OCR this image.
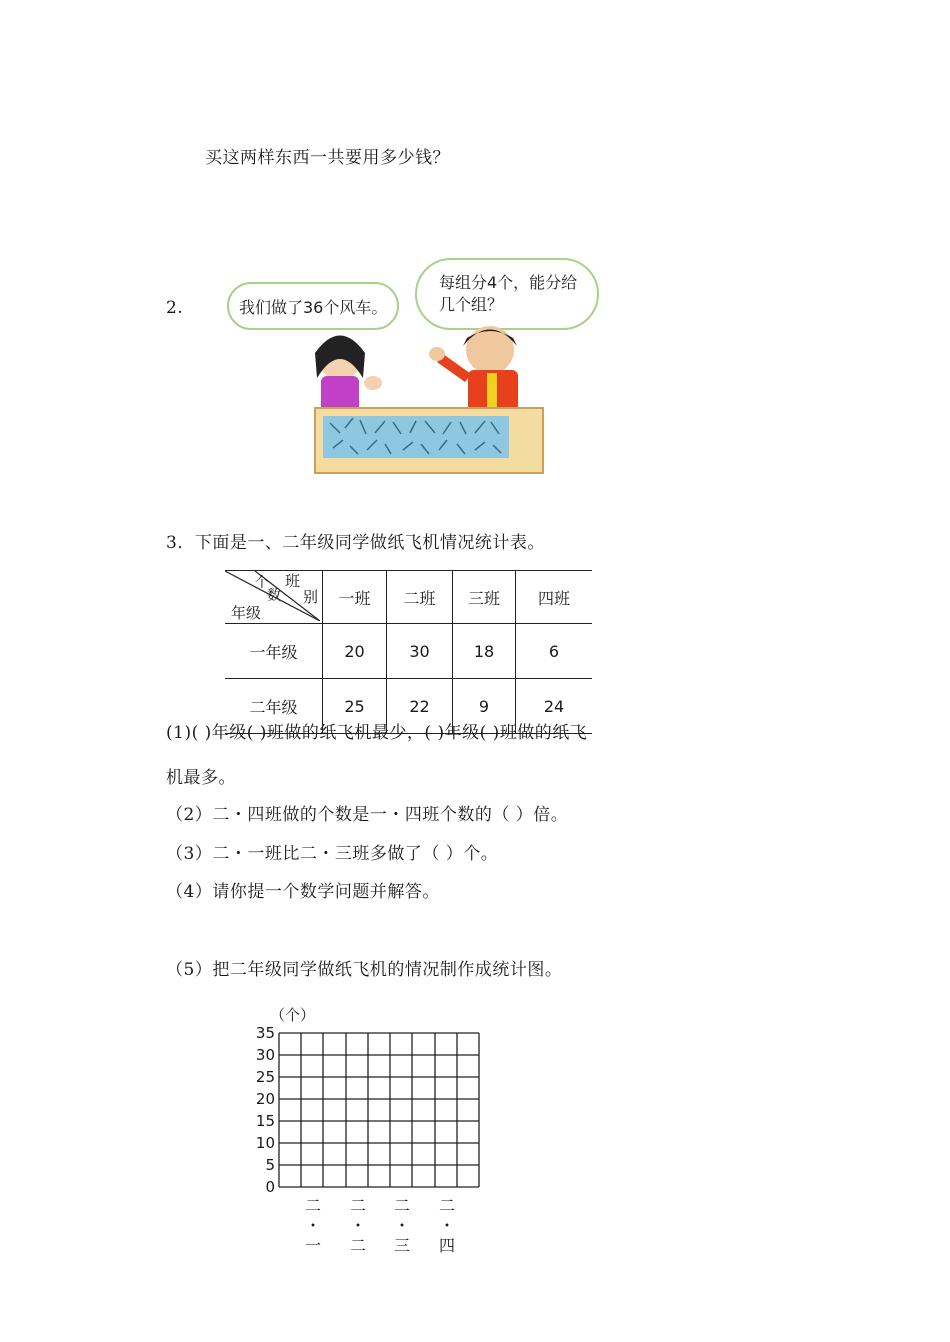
买这两样东西一共要用多少钱？
2.	我们做了36个风车。
每组分4个，能分给
几个组？
3．下面是一、二年级同学做纸飞机情况统计表。
个 班
数 别
年级	一班	二班	三班	四班
一年级	20	30	18	6
二年级	25	22	9	24
(1)( )年级( )班做的纸飞机最少，( )年级( )班做的纸飞
机最多。
（2）二・四班做的个数是一・四班个数的（ ）倍。
（3）二・一班比二・三班多做了（ ）个。
（4）请你提一个数学问题并解答。
（5）把二年级同学做纸飞机的情况制作成统计图。
（个）
35
30
25
20
15
10
5
0
二
・
一
二
・
二
二
・
三
二
・
四
